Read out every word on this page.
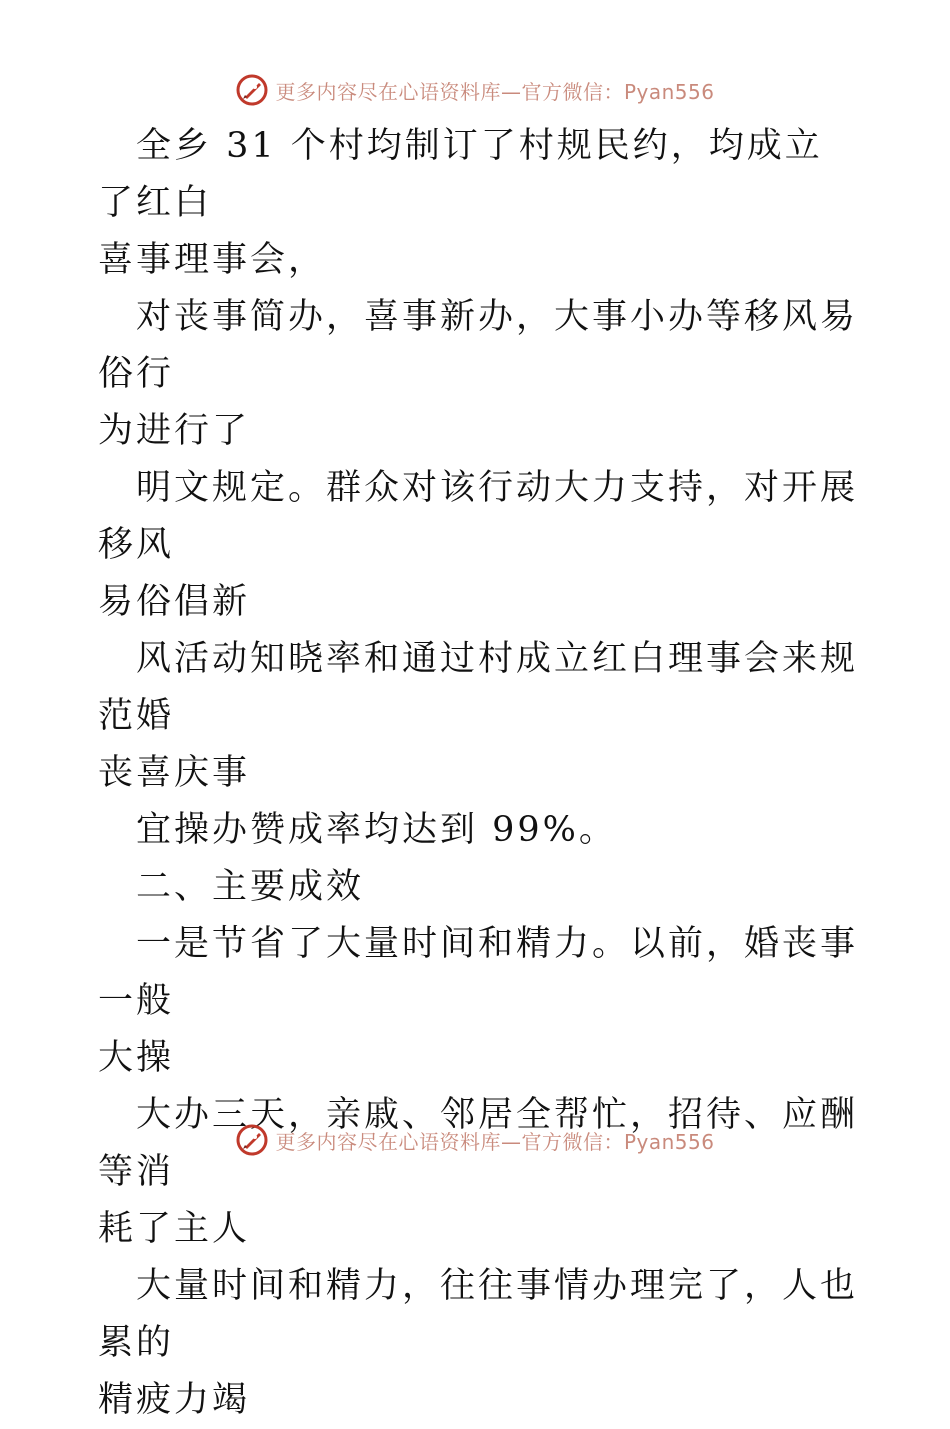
更多内容尽在心语资料库—官方微信：Pyan556

全乡 31 个村均制订了村规民约，均成立了红白
喜事理事会，

对丧事简办，喜事新办，大事小办等移风易俗行
为进行了

明文规定。群众对该行动大力支持，对开展移风
易俗倡新

风活动知晓率和通过村成立红白理事会来规范婚
丧喜庆事

宜操办赞成率均达到 99%。

二、主要成效

一是节省了大量时间和精力。以前，婚丧事一般
大操

大办三天，亲戚、邻居全帮忙，招待、应酬等消
耗了主人

大量时间和精力，往往事情办理完了，人也累的
精疲力竭

更多内容尽在心语资料库—官方微信：Pyan556
